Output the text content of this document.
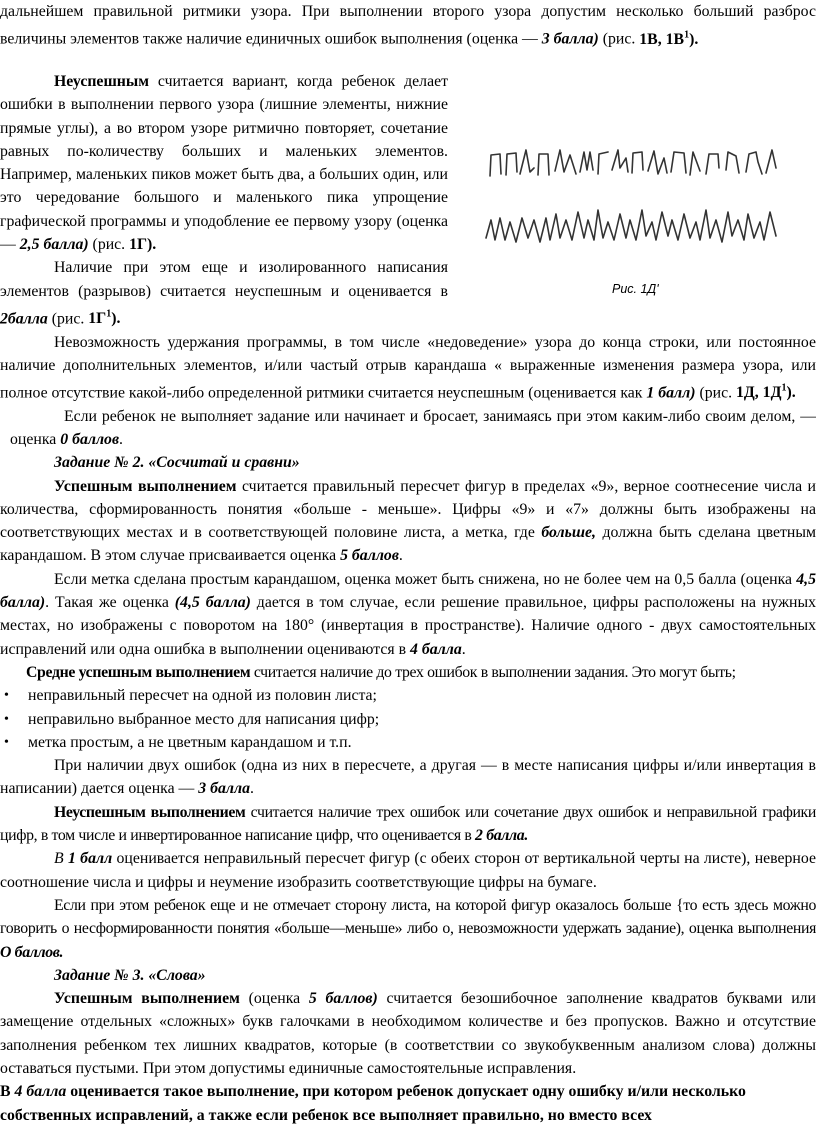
дальнейшем правильной ритмики узора. При выполнении второго узора допустим несколько больший разброс величины элементов также наличие единичных ошибок выполнения (оценка — 3 балла) (рис. 1В, $1В^1$).

Рис. 1Д'

Неуспешным считается вариант, когда ребенок делает ошибки в выполнении первого узора (лишние элементы, нижние прямые углы), а во втором узоре ритмично повторяет, сочетание равных по-количеству больших и маленьких элементов. Например, маленьких пиков может быть два, а больших один, или это чередование большого и маленького пика упрощение графической программы и уподобление ее первому узору (оценка — 2,5 балла) (рис. 1Г).

Наличие при этом еще и изолированного написания элементов (разрывов) считается неуспешным и оценивается в 2балла (рис. $1Г^1$).

Невозможность удержания программы, в том числе «недоведение» узора до конца строки, или постоянное наличие дополнительных элементов, и/или частый отрыв карандаша « выраженные изменения размера узора, или полное отсутствие какой-либо определенной ритмики считается неуспешным (оценивается как 1 балл) (рис. 1Д, $1Д^1$).

Если ребенок не выполняет задание или начинает и бросает, занимаясь при этом каким-либо своим делом, — оценка 0 баллов.

Задание № 2. «Сосчитай и сравни»

Успешным выполнением считается правильный пересчет фигур в пределах «9», верное соотнесение числа и количества, сформированность понятия «больше - меньше». Цифры «9» и «7» должны быть изображены на соответствующих местах и в соответствующей половине листа, а метка, где больше, должна быть сделана цветным карандашом. В этом случае присваивается оценка 5 баллов.

Если метка сделана простым карандашом, оценка может быть снижена, но не более чем на 0,5 балла (оценка 4,5 балла). Такая же оценка (4,5 балла) дается в том случае, если решение правильное, цифры расположены на нужных местах, но изображены с поворотом на 180° (инвертация в пространстве). Наличие одного - двух самостоятельных исправлений или одна ошибка в выполнении оцениваются в 4 балла.

Средне успешным выполнением считается наличие до трех ошибок в выполнении задания. Это могут быть;

• неправильный пересчет на одной из половин листа;
• неправильно выбранное место для написания цифр;
• метка простым, а не цветным карандашом и т.п.

При наличии двух ошибок (одна из них в пересчете, а другая — в месте написания цифры и/или инвертация в написании) дается оценка — 3 балла.

Неуспешным выполнением считается наличие трех ошибок или сочетание двух ошибок и неправильной графики цифр, в том числе и инвертированное написание цифр, что оценивается в 2 балла.

В 1 балл оценивается неправильный пересчет фигур (с обеих сторон от вертикальной черты на листе), неверное соотношение числа и цифры и неумение изобразить соответствующие цифры на бумаге.

Если при этом ребенок еще и не отмечает сторону листа, на которой фигур оказалось больше {то есть здесь можно говорить о несформированности понятия «больше—меньше» либо о, невозможности удержать задание), оценка выполнения О баллов.

Задание № 3. «Слова»

Успешным выполнением (оценка 5 баллов) считается безошибочное заполнение квадратов буквами или замещение отдельных «сложных» букв галочками в необходимом количестве и без пропусков. Важно и отсутствие заполнения ребенком тех лишних квадратов, которые (в соответствии со звукобуквенным анализом слова) должны оставаться пустыми. При этом допустимы единичные самостоятельные исправления.

В 4 балла оценивается такое выполнение, при котором ребенок допускает одну ошибку и/или несколько собственных исправлений, а также если ребенок все выполняет правильно, но вместо всех
